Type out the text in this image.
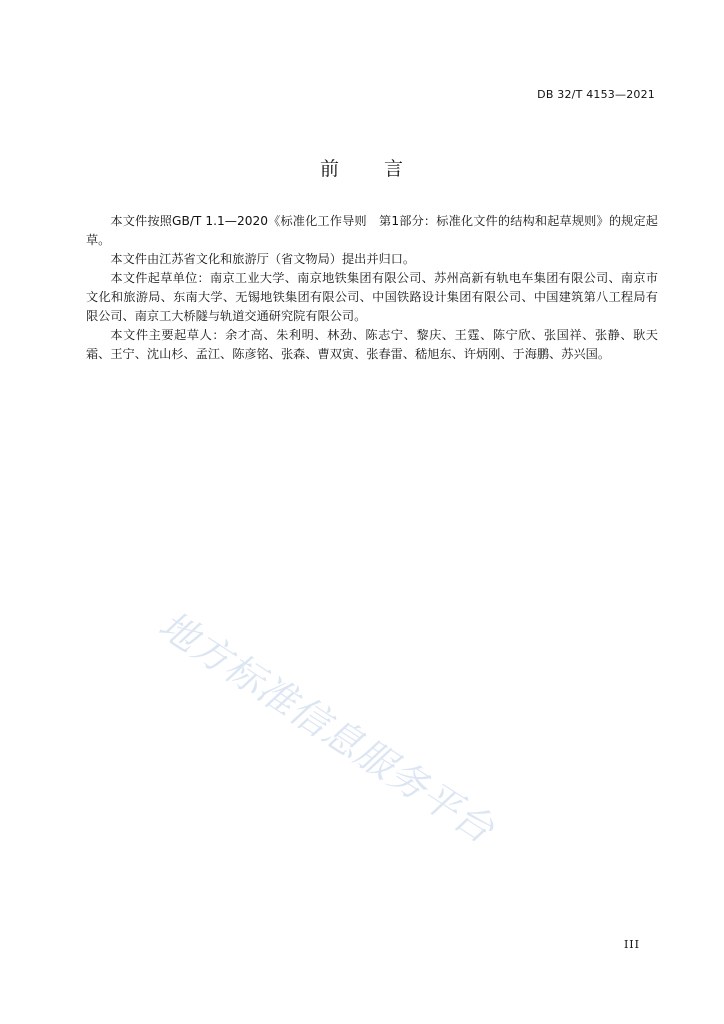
DB 32/T 4153—2021
前 言

本文件按照GB/T 1.1—2020《标准化工作导则　第1部分：标准化文件的结构和起草规则》的规定起草。

本文件由江苏省文化和旅游厅（省文物局）提出并归口。

本文件起草单位：南京工业大学、南京地铁集团有限公司、苏州高新有轨电车集团有限公司、南京市文化和旅游局、东南大学、无锡地铁集团有限公司、中国铁路设计集团有限公司、中国建筑第八工程局有限公司、南京工大桥隧与轨道交通研究院有限公司。

本文件主要起草人：余才高、朱利明、林劲、陈志宁、黎庆、王霆、陈宁欣、张国祥、张静、耿天霜、王宁、沈山杉、孟江、陈彦铭、张森、曹双寅、张春雷、嵇旭东、许炳刚、于海鹏、苏兴国。

地方标准信息服务平台
III
